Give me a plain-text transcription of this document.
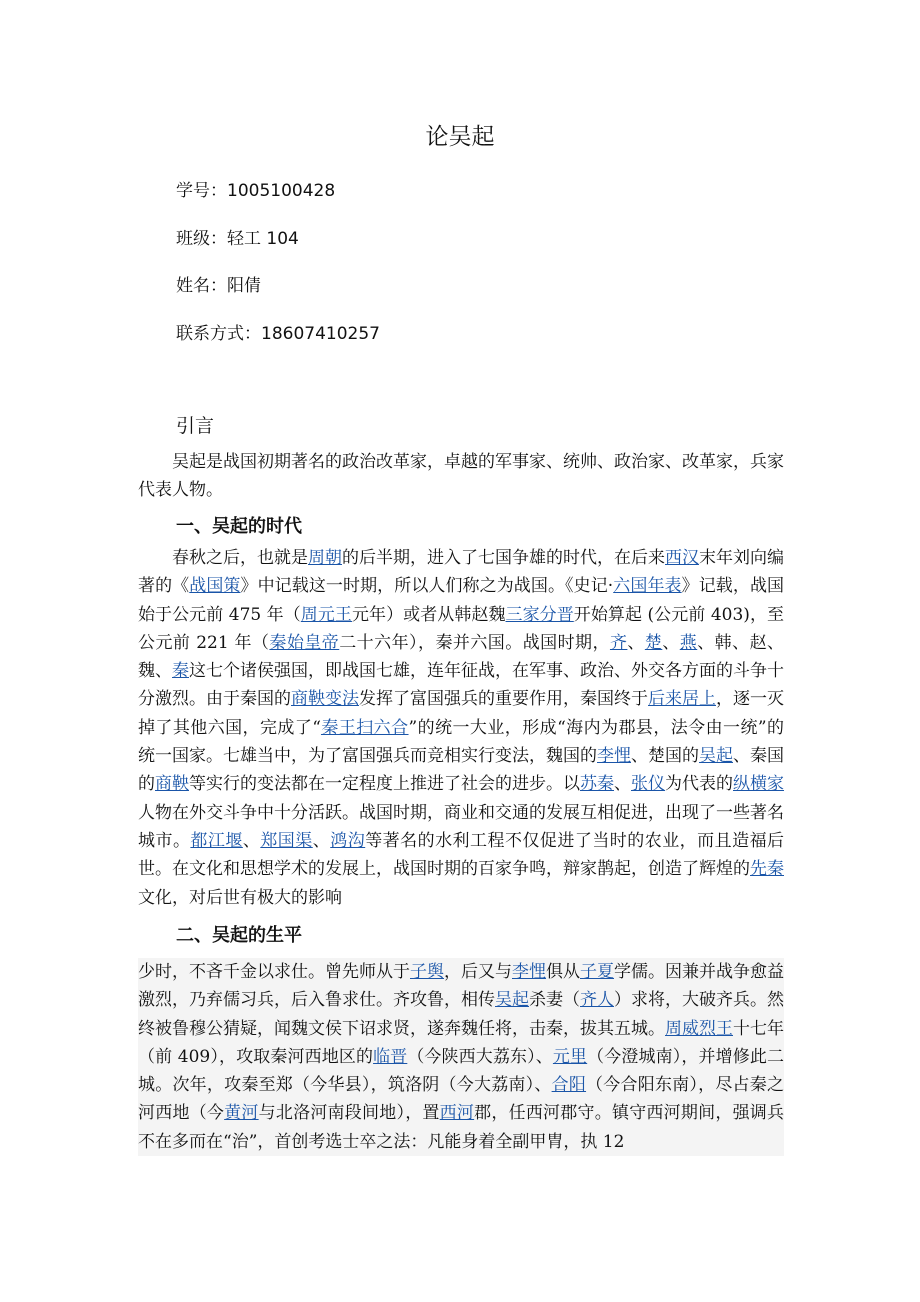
论吴起
学号：1005100428
班级：轻工 104
姓名：阳倩
联系方式：18607410257
引言

吴起是战国初期著名的政治改革家，卓越的军事家、统帅、政治家、改革家，兵家代表人物。

一、吴起的时代

春秋之后，也就是周朝的后半期，进入了七国争雄的时代，在后来西汉末年刘向编著的《战国策》中记载这一时期，所以人们称之为战国。《史记·六国年表》记载，战国始于公元前 475 年（周元王元年）或者从韩赵魏三家分晋开始算起 (公元前 403)，至公元前 221 年（秦始皇帝二十六年），秦并六国。战国时期，齐、楚、燕、韩、赵、魏、秦这七个诸侯强国，即战国七雄，连年征战，在军事、政治、外交各方面的斗争十分激烈。由于秦国的商鞅变法发挥了富国强兵的重要作用，秦国终于后来居上，逐一灭掉了其他六国，完成了“秦王扫六合”的统一大业，形成“海内为郡县，法令由一统”的统一国家。七雄当中，为了富国强兵而竞相实行变法，魏国的李悝、楚国的吴起、秦国的商鞅等实行的变法都在一定程度上推进了社会的进步。以苏秦、张仪为代表的纵横家人物在外交斗争中十分活跃。战国时期，商业和交通的发展互相促进，出现了一些著名城市。都江堰、郑国渠、鸿沟等著名的水利工程不仅促进了当时的农业，而且造福后世。在文化和思想学术的发展上，战国时期的百家争鸣，辩家鹊起，创造了辉煌的先秦文化，对后世有极大的影响

二、吴起的生平

少时，不吝千金以求仕。曾先师从于子舆，后又与李悝俱从子夏学儒。因兼并战争愈益激烈，乃弃儒习兵，后入鲁求仕。齐攻鲁，相传吴起杀妻（齐人）求将，大破齐兵。然终被鲁穆公猜疑，闻魏文侯下诏求贤，遂奔魏任将，击秦，拔其五城。周威烈王十七年（前 409），攻取秦河西地区的临晋（今陕西大荔东）、元里（今澄城南），并增修此二城。次年，攻秦至郑（今华县），筑洛阴（今大荔南）、合阳（今合阳东南），尽占秦之河西地（今黄河与北洛河南段间地），置西河郡，任西河郡守。镇守西河期间，强调兵不在多而在“治”，首创考选士卒之法：凡能身着全副甲胄，执 12
